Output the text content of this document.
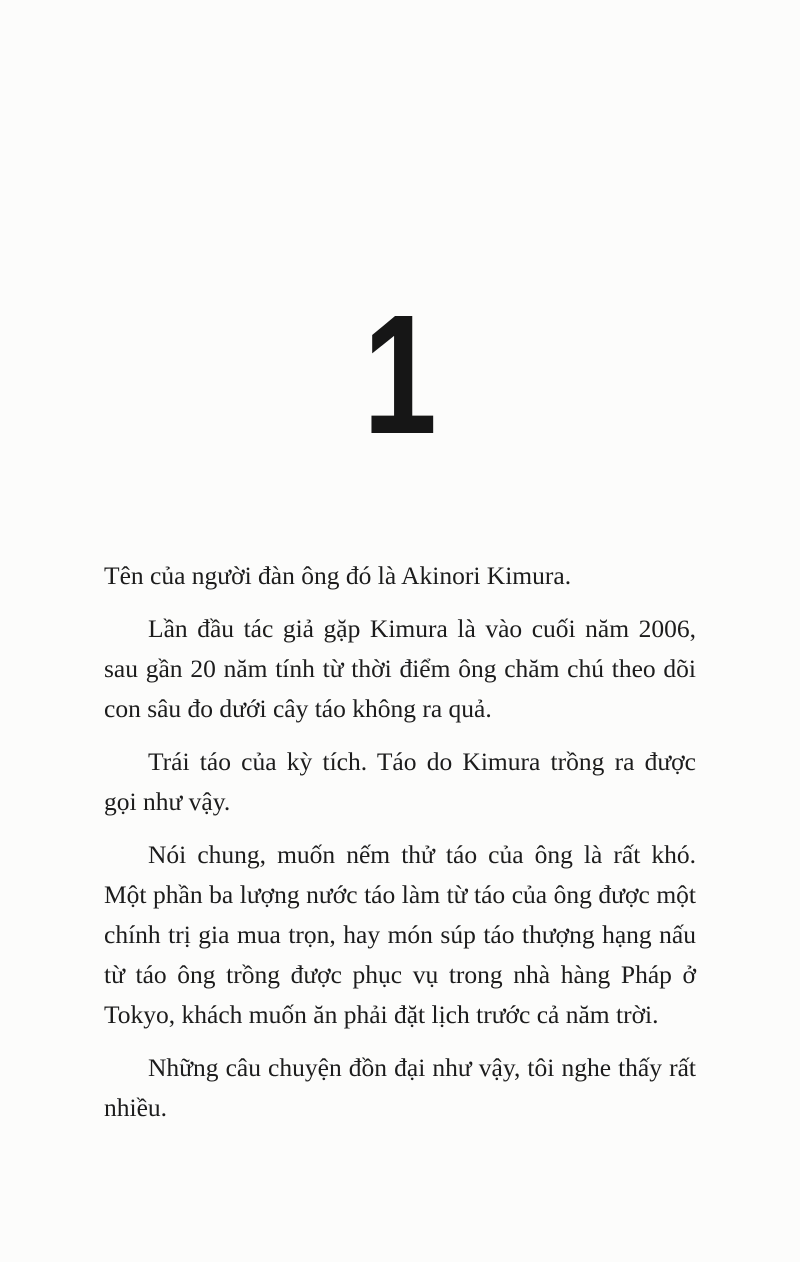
1

Tên của người đàn ông đó là Akinori Kimura.

Lần đầu tác giả gặp Kimura là vào cuối năm 2006, sau gần 20 năm tính từ thời điểm ông chăm chú theo dõi con sâu đo dưới cây táo không ra quả.

Trái táo của kỳ tích. Táo do Kimura trồng ra được gọi như vậy.

Nói chung, muốn nếm thử táo của ông là rất khó. Một phần ba lượng nước táo làm từ táo của ông được một chính trị gia mua trọn, hay món súp táo thượng hạng nấu từ táo ông trồng được phục vụ trong nhà hàng Pháp ở Tokyo, khách muốn ăn phải đặt lịch trước cả năm trời.

Những câu chuyện đồn đại như vậy, tôi nghe thấy rất nhiều.
